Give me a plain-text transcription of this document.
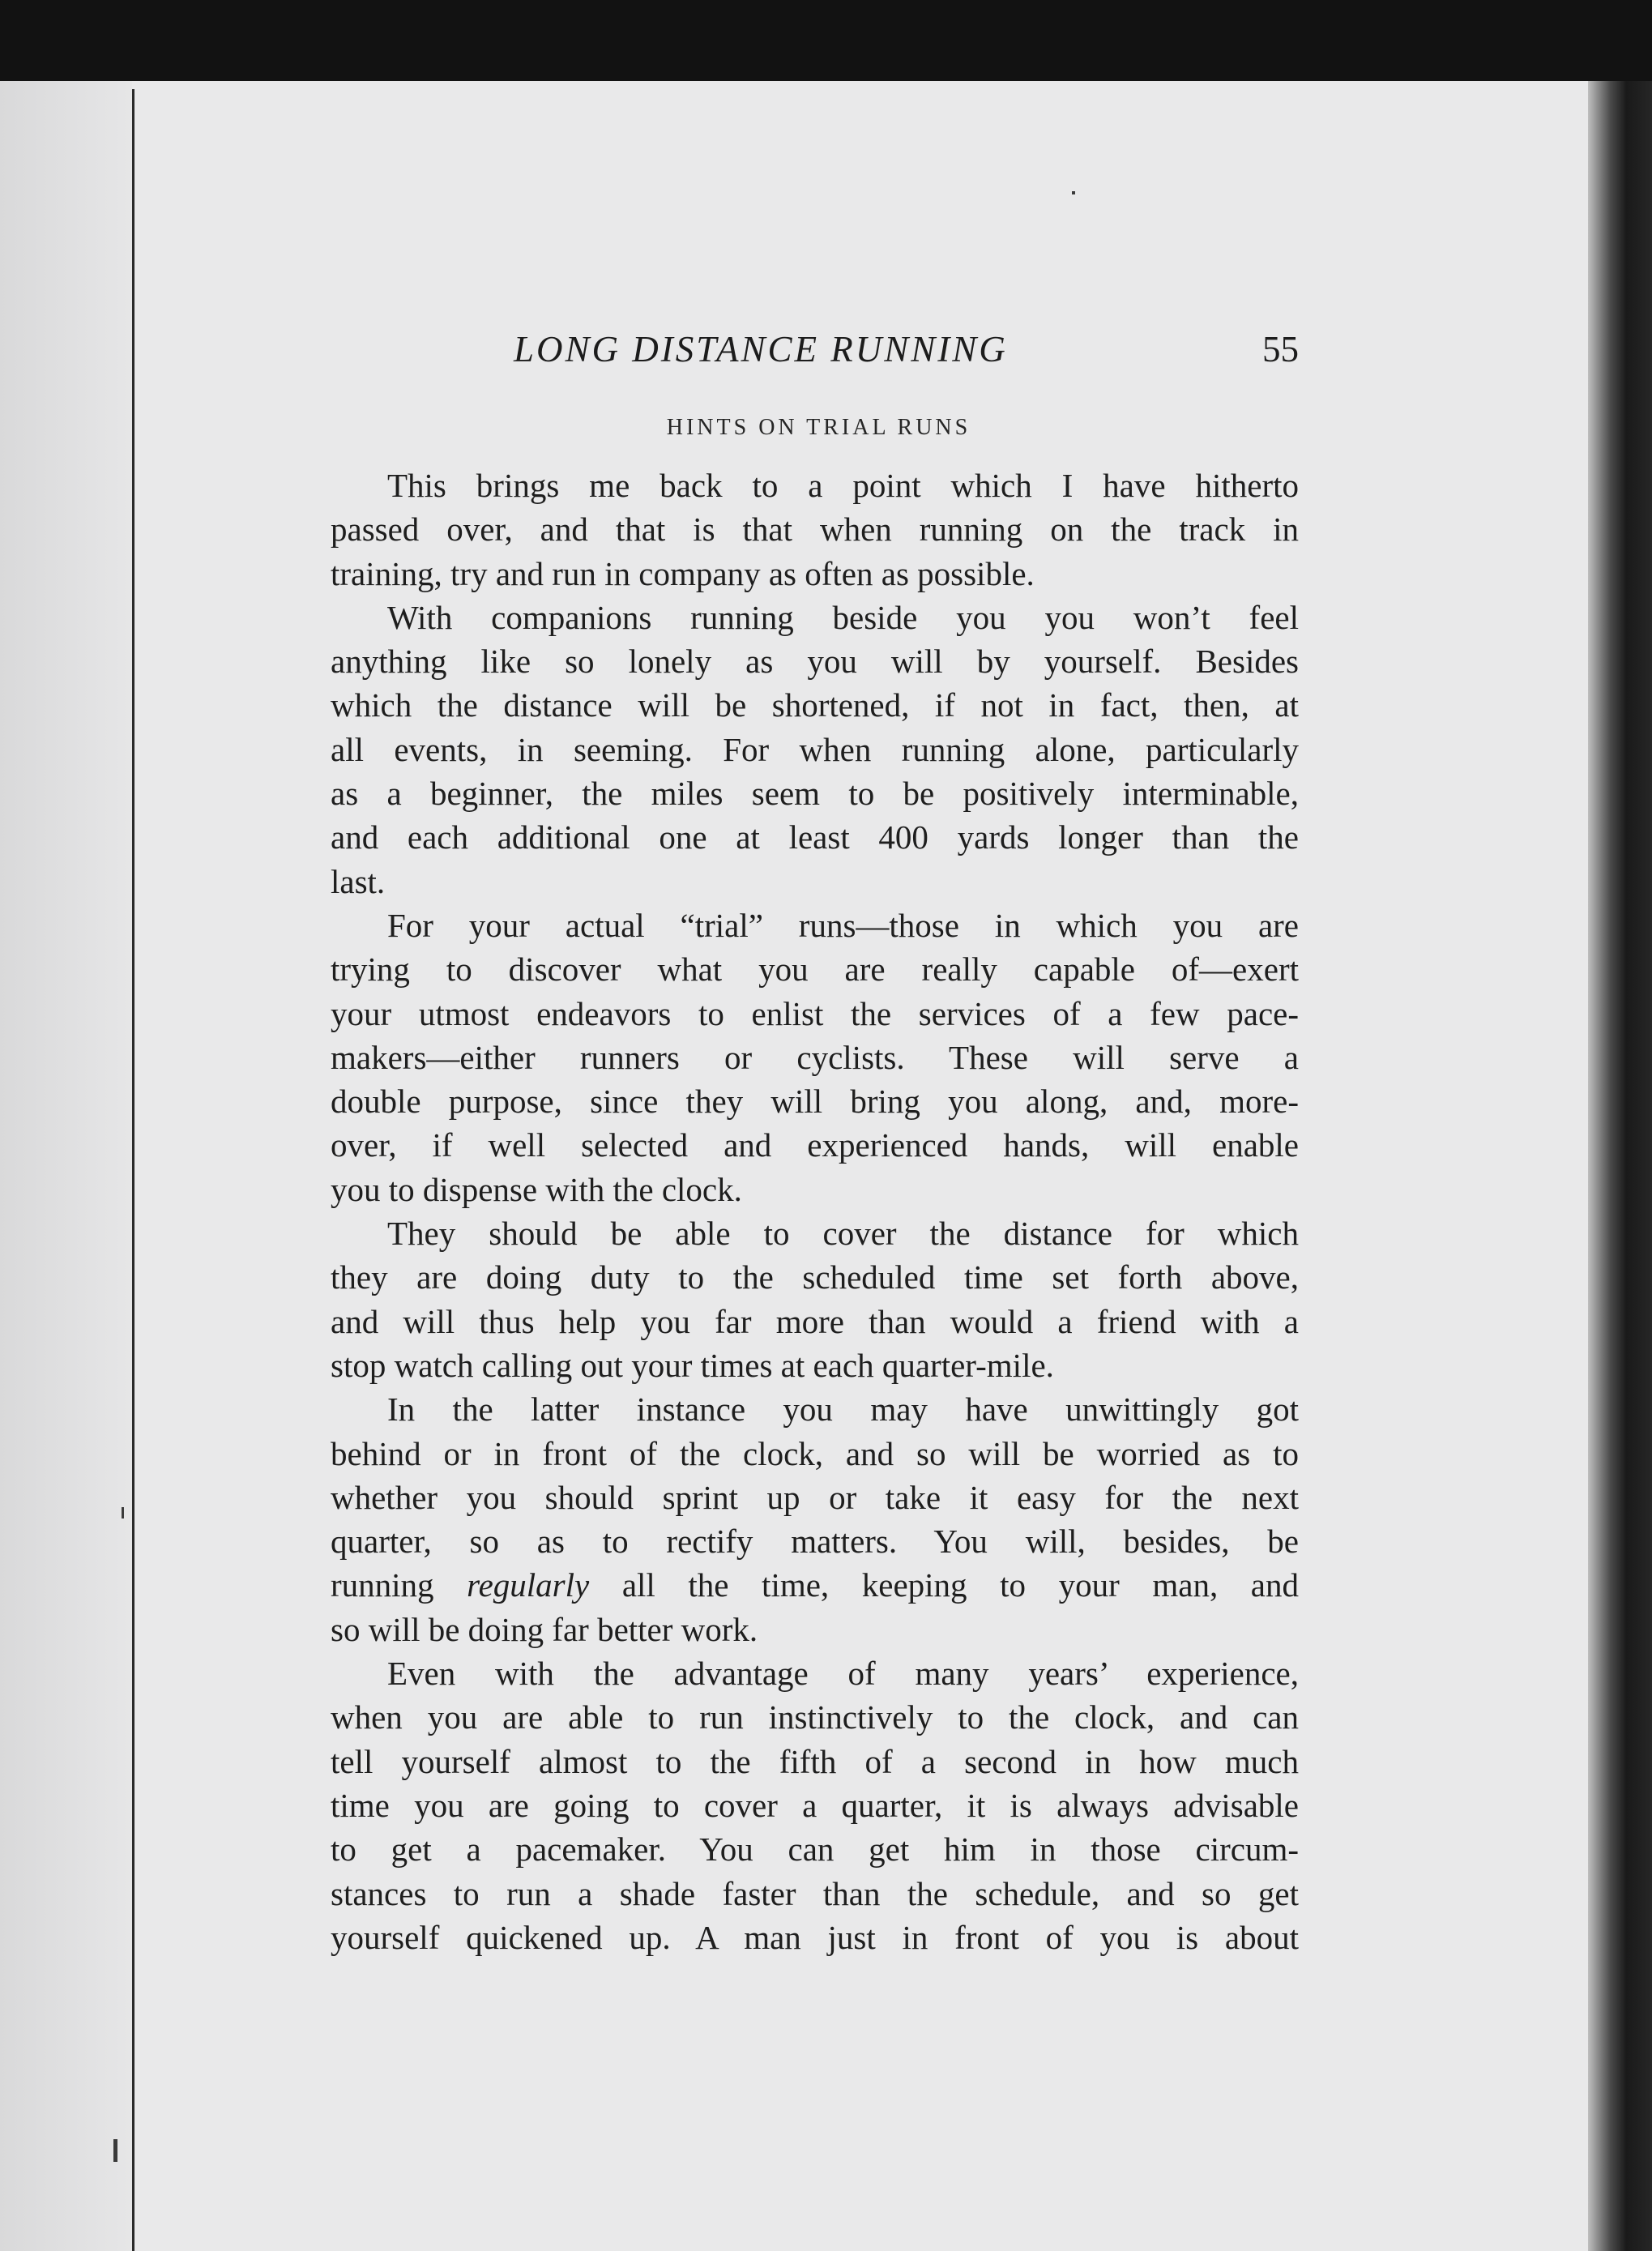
LONG DISTANCE RUNNING	55
HINTS ON TRIAL RUNS
This brings me back to a point which I have hitherto
passed over, and that is that when running on the track in
training, try and run in company as often as possible.
With companions running beside you you won’t feel
anything like so lonely as you will by yourself. Besides
which the distance will be shortened, if not in fact, then, at
all events, in seeming. For when running alone, particularly
as a beginner, the miles seem to be positively interminable,
and each additional one at least 400 yards longer than the
last.
For your actual “trial” runs—those in which you are
trying to discover what you are really capable of—exert
your utmost endeavors to enlist the services of a few pace-
makers—either runners or cyclists. These will serve a
double purpose, since they will bring you along, and, more-
over, if well selected and experienced hands, will enable
you to dispense with the clock.
They should be able to cover the distance for which
they are doing duty to the scheduled time set forth above,
and will thus help you far more than would a friend with a
stop watch calling out your times at each quarter-mile.
In the latter instance you may have unwittingly got
behind or in front of the clock, and so will be worried as to
whether you should sprint up or take it easy for the next
quarter, so as to rectify matters. You will, besides, be
running regularly all the time, keeping to your man, and
so will be doing far better work.
Even with the advantage of many years’ experience,
when you are able to run instinctively to the clock, and can
tell yourself almost to the fifth of a second in how much
time you are going to cover a quarter, it is always advisable
to get a pacemaker. You can get him in those circum-
stances to run a shade faster than the schedule, and so get
yourself quickened up. A man just in front of you is about
